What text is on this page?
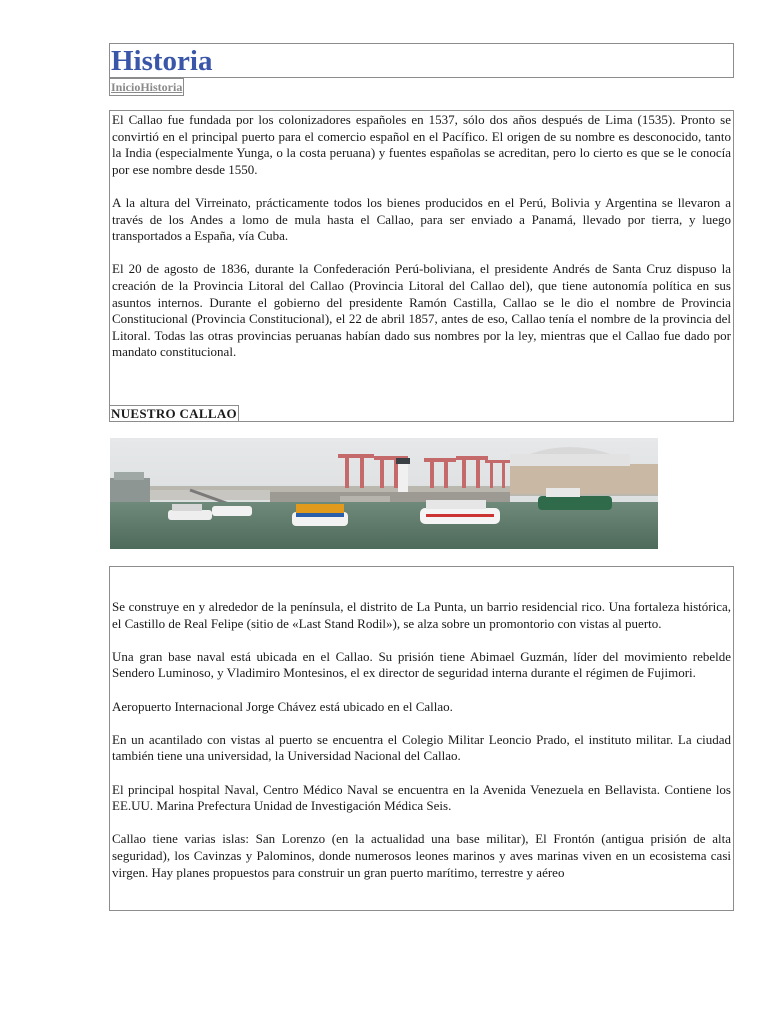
Historia
InicioHistoria

El Callao fue fundada por los colonizadores españoles en 1537, sólo dos años después de Lima (1535). Pronto se convirtió en el principal puerto para el comercio español en el Pacífico. El origen de su nombre es desconocido, tanto la India (especialmente Yunga, o la costa peruana) y fuentes españolas se acreditan, pero lo cierto es que se le conocía por ese nombre desde 1550.

A la altura del Virreinato, prácticamente todos los bienes producidos en el Perú, Bolivia y Argentina se llevaron a través de los Andes a lomo de mula hasta el Callao, para ser enviado a Panamá, llevado por tierra, y luego transportados a España, vía Cuba.

El 20 de agosto de 1836, durante la Confederación Perú-boliviana, el presidente Andrés de Santa Cruz dispuso la creación de la Provincia Litoral del Callao (Provincia Litoral del Callao del), que tiene autonomía política en sus asuntos internos. Durante el gobierno del presidente Ramón Castilla, Callao se le dio el nombre de Provincia Constitucional (Provincia Constitucional), el 22 de abril 1857, antes de eso, Callao tenía el nombre de la provincia del Litoral. Todas las otras provincias peruanas habían dado sus nombres por la ley, mientras que el Callao fue dado por mandato constitucional.

NUESTRO CALLAO

Se construye en y alrededor de la península, el distrito de La Punta, un barrio residencial rico. Una fortaleza histórica, el Castillo de Real Felipe (sitio de «Last Stand Rodil»), se alza sobre un promontorio con vistas al puerto.

Una gran base naval está ubicada en el Callao. Su prisión tiene Abimael Guzmán, líder del movimiento rebelde Sendero Luminoso, y Vladimiro Montesinos, el ex director de seguridad interna durante el régimen de Fujimori.

Aeropuerto Internacional Jorge Chávez está ubicado en el Callao.

En un acantilado con vistas al puerto se encuentra el Colegio Militar Leoncio Prado, el instituto militar. La ciudad también tiene una universidad, la Universidad Nacional del Callao.

El principal hospital Naval, Centro Médico Naval se encuentra en la Avenida Venezuela en Bellavista. Contiene los EE.UU. Marina Prefectura Unidad de Investigación Médica Seis.

Callao tiene varias islas: San Lorenzo (en la actualidad una base militar), El Frontón (antigua prisión de alta seguridad), los Cavinzas y Palominos, donde numerosos leones marinos y aves marinas viven en un ecosistema casi virgen. Hay planes propuestos para construir un gran puerto marítimo, terrestre y aéreo
